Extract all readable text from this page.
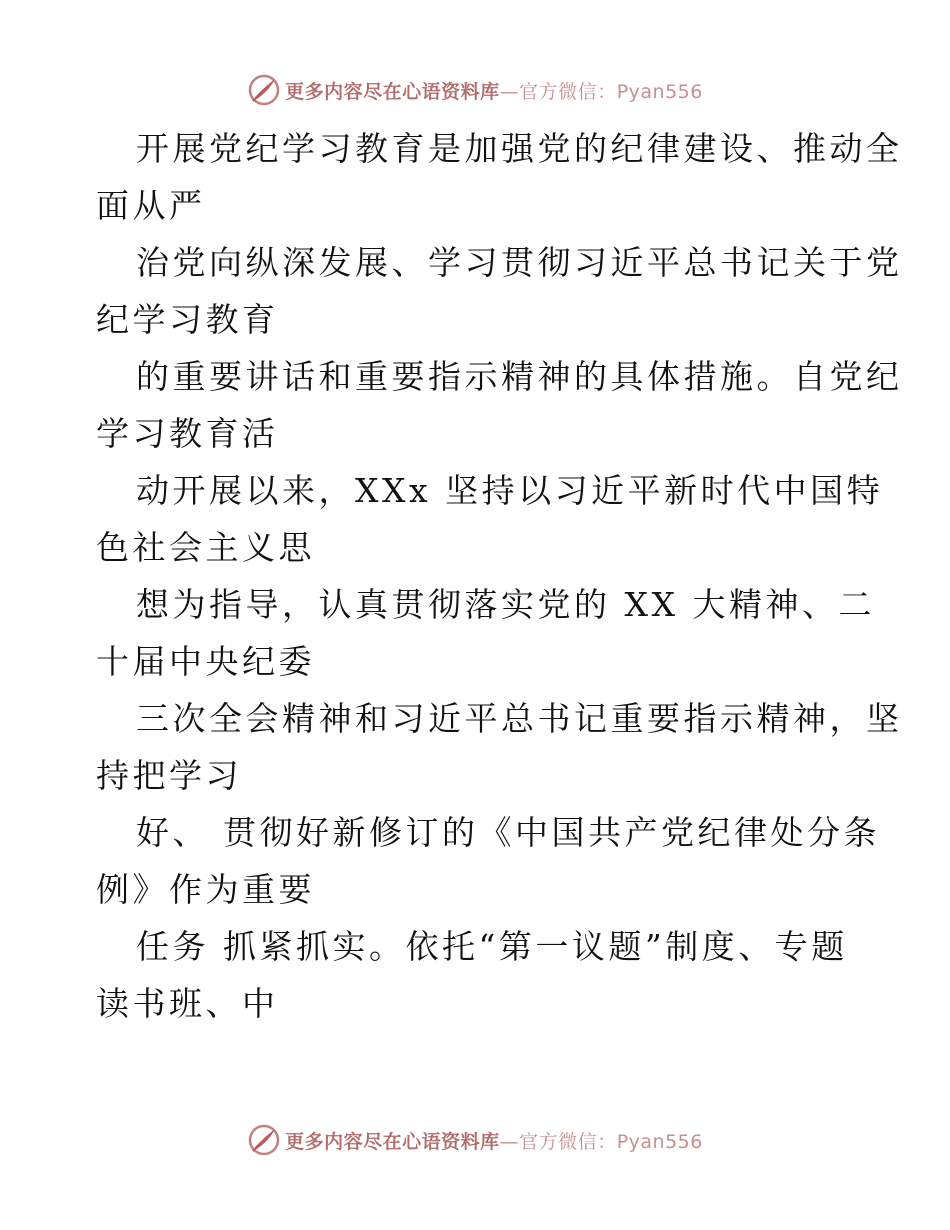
更多内容尽在心语资料库—官方微信：Pyan556
开展党纪学习教育是加强党的纪律建设、推动全
面从严
治党向纵深发展、学习贯彻习近平总书记关于党
纪学习教育
的重要讲话和重要指示精神的具体措施。自党纪
学习教育活
动开展以来，XXx 坚持以习近平新时代中国特
色社会主义思
想为指导，认真贯彻落实党的 XX 大精神、二
十届中央纪委
三次全会精神和习近平总书记重要指示精神，坚
持把学习
好、 贯彻好新修订的《中国共产党纪律处分条
例》作为重要
任务 抓紧抓实。依托“第一议题”制度、专题
读书班、中
更多内容尽在心语资料库—官方微信：Pyan556
